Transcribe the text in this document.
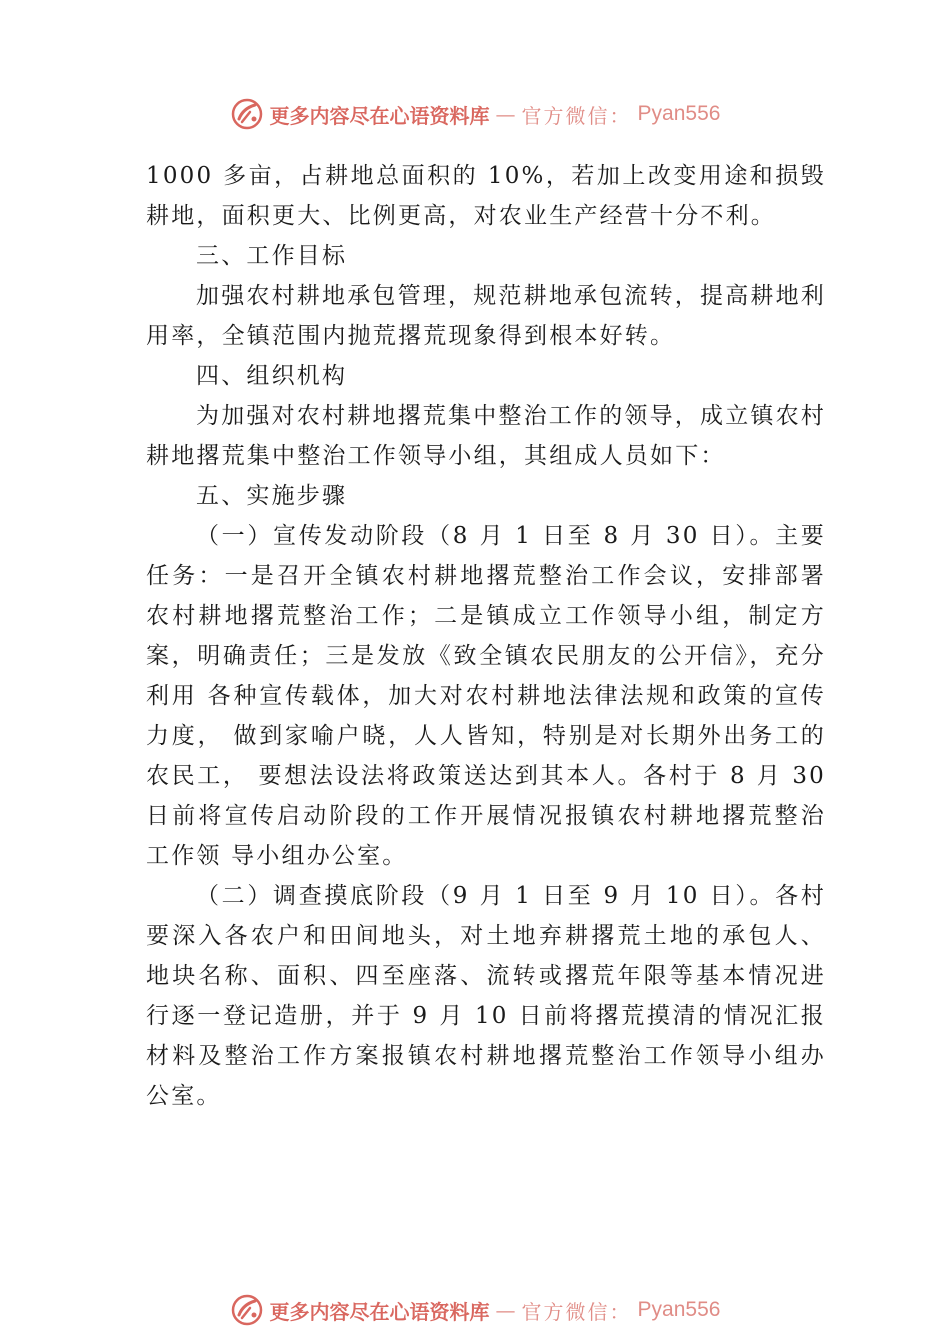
更多内容尽在心语资料库 — 官方微信： Pyan556

1000 多亩，占耕地总面积的 10%，若加上改变用途和损毁耕地，面积更大、比例更高，对农业生产经营十分不利。

三、工作目标

加强农村耕地承包管理，规范耕地承包流转，提高耕地利用率，全镇范围内抛荒撂荒现象得到根本好转。

四、组织机构

为加强对农村耕地撂荒集中整治工作的领导，成立镇农村耕地撂荒集中整治工作领导小组，其组成人员如下：

五、实施步骤

（一）宣传发动阶段（8 月 1 日至 8 月 30 日）。主要任务：一是召开全镇农村耕地撂荒整治工作会议，安排部署农村耕地撂荒整治工作；二是镇成立工作领导小组，制定方案，明确责任；三是发放《致全镇农民朋友的公开信》，充分利用 各种宣传载体，加大对农村耕地法律法规和政策的宣传力度， 做到家喻户晓，人人皆知，特别是对长期外出务工的农民工， 要想法设法将政策送达到其本人。各村于 8 月 30 日前将宣传启动阶段的工作开展情况报镇农村耕地撂荒整治工作领 导小组办公室。

（二）调查摸底阶段（9 月 1 日至 9 月 10 日）。各村要深入各农户和田间地头，对土地弃耕撂荒土地的承包人、地块名称、面积、四至座落、流转或撂荒年限等基本情况进行逐一登记造册，并于 9 月 10 日前将撂荒摸清的情况汇报材料及整治工作方案报镇农村耕地撂荒整治工作领导小组办公室。

更多内容尽在心语资料库 — 官方微信： Pyan556
